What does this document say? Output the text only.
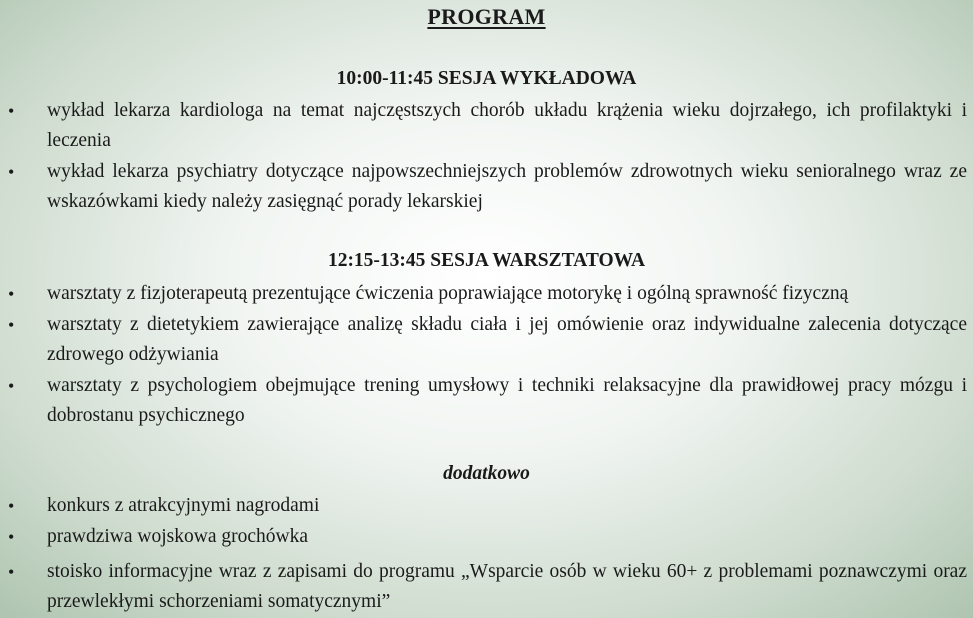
PROGRAM
10:00-11:45 SESJA WYKŁADOWA
•	wykład lekarza kardiologa na temat najczęstszych chorób układu krążenia wieku dojrzałego, ich profilaktyki i leczenia
•	wykład lekarza psychiatry dotyczące najpowszechniejszych problemów zdrowotnych wieku senioralnego wraz ze wskazówkami kiedy należy zasięgnąć porady lekarskiej
12:15-13:45 SESJA WARSZTATOWA
•	warsztaty z fizjoterapeutą prezentujące ćwiczenia poprawiające motorykę i ogólną sprawność fizyczną
•	warsztaty z dietetykiem zawierające analizę składu ciała i jej omówienie oraz indywidualne zalecenia dotyczące zdrowego odżywiania
•	warsztaty z psychologiem obejmujące trening umysłowy i techniki relaksacyjne dla prawidłowej pracy mózgu i dobrostanu psychicznego
dodatkowo
•	konkurs z atrakcyjnymi nagrodami
•	prawdziwa wojskowa grochówka
•	stoisko informacyjne wraz z zapisami do programu „Wsparcie osób w wieku 60+ z problemami poznawczymi oraz przewlekłymi schorzeniami somatycznymi”
